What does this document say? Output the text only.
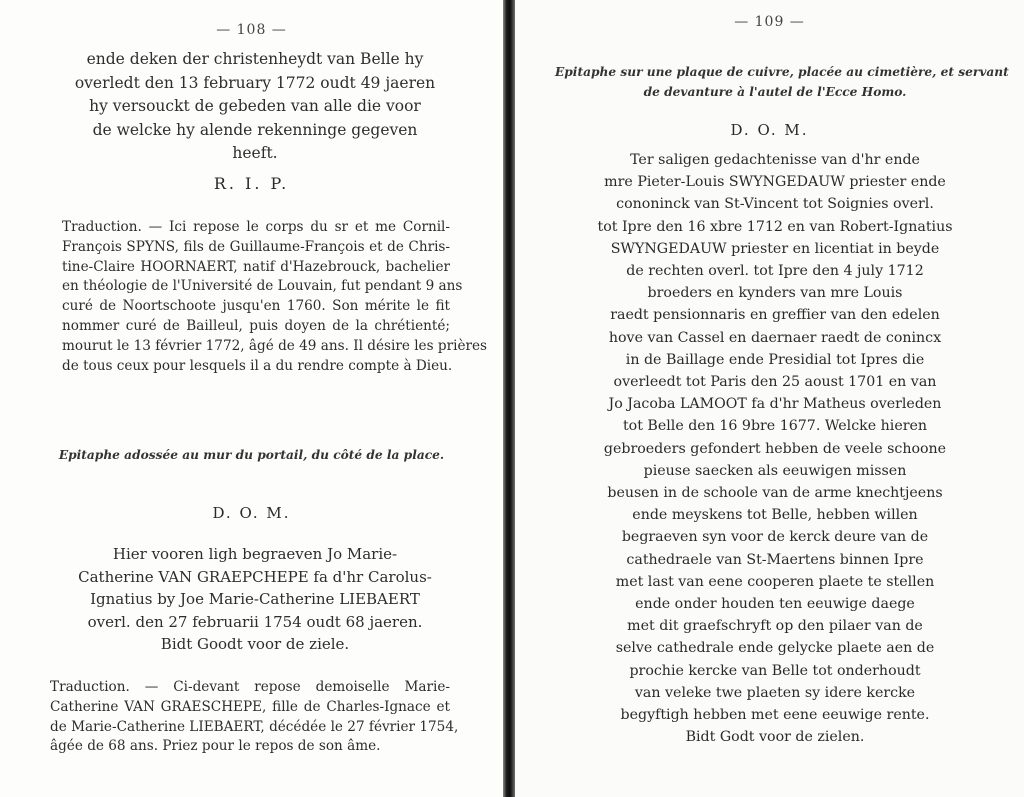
— 108 —
ende deken der christenheydt van Belle hy
overledt den 13 february 1772 oudt 49 jaeren
hy versouckt de gebeden van alle die voor
de welcke hy alende rekenninge gegeven
heeft.
R. I. P.
Traduction. — Ici repose le corps du sr et me Cornil-
François SPYNS, fils de Guillaume-François et de Chris-
tine-Claire HOORNAERT, natif d'Hazebrouck, bachelier
en théologie de l'Université de Louvain, fut pendant 9 ans
curé de Noortschoote jusqu'en 1760. Son mérite le fit
nommer curé de Bailleul, puis doyen de la chrétienté;
mourut le 13 février 1772, âgé de 49 ans. Il désire les prières
de tous ceux pour lesquels il a du rendre compte à Dieu.
Epitaphe adossée au mur du portail, du côté de la place.
D. O. M.
Hier vooren ligh begraeven Jo Marie-
Catherine VAN GRAEPCHEPE fa d'hr Carolus-
Ignatius by Joe Marie-Catherine LIEBAERT
overl. den 27 februarii 1754 oudt 68 jaeren.
Bidt Goodt voor de ziele.
Traduction. — Ci-devant repose demoiselle Marie-
Catherine VAN GRAESCHEPE, fille de Charles-Ignace et
de Marie-Catherine LIEBAERT, décédée le 27 février 1754,
âgée de 68 ans. Priez pour le repos de son âme.
— 109 —
Epitaphe sur une plaque de cuivre, placée au cimetière, et servant
de devanture à l'autel de l'Ecce Homo.
D. O. M.
Ter saligen gedachtenisse van d'hr ende
mre Pieter-Louis SWYNGEDAUW priester ende
cononinck van St-Vincent tot Soignies overl.
tot Ipre den 16 xbre 1712 en van Robert-Ignatius
SWYNGEDAUW priester en licentiat in beyde
de rechten overl. tot Ipre den 4 july 1712
broeders en kynders van mre Louis
raedt pensionnaris en greffier van den edelen
hove van Cassel en daernaer raedt de conincx
in de Baillage ende Presidial tot Ipres die
overleedt tot Paris den 25 aoust 1701 en van
Jo Jacoba LAMOOT fa d'hr Matheus overleden
tot Belle den 16 9bre 1677. Welcke hieren
gebroeders gefondert hebben de veele schoone
pieuse saecken als eeuwigen missen
beusen in de schoole van de arme knechtjeens
ende meyskens tot Belle, hebben willen
begraeven syn voor de kerck deure van de
cathedraele van St-Maertens binnen Ipre
met last van eene cooperen plaete te stellen
ende onder houden ten eeuwige daege
met dit graefschryft op den pilaer van de
selve cathedrale ende gelycke plaete aen de
prochie kercke van Belle tot onderhoudt
van veleke twe plaeten sy idere kercke
begyftigh hebben met eene eeuwige rente.
Bidt Godt voor de zielen.
